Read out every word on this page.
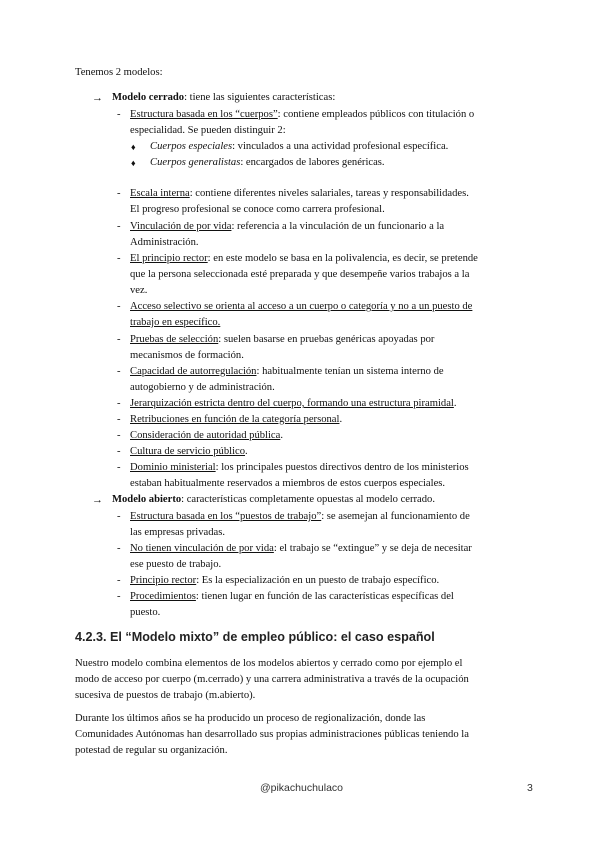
Tenemos 2 modelos:
→ Modelo cerrado: tiene las siguientes características:
- Estructura basada en los “cuerpos”: contiene empleados públicos con titulación o
especialidad. Se pueden distinguir 2:
♦ Cuerpos especiales: vinculados a una actividad profesional específica.
♦ Cuerpos generalistas: encargados de labores genéricas.
- Escala interna: contiene diferentes niveles salariales, tareas y responsabilidades.
El progreso profesional se conoce como carrera profesional.
- Vinculación de por vida: referencia a la vinculación de un funcionario a la
Administración.
- El principio rector: en este modelo se basa en la polivalencia, es decir, se pretende
que la persona seleccionada esté preparada y que desempeñe varios trabajos a la
vez.
- Acceso selectivo se orienta al acceso a un cuerpo o categoría y no a un puesto de
trabajo en específico.
- Pruebas de selección: suelen basarse en pruebas genéricas apoyadas por
mecanismos de formación.
- Capacidad de autorregulación: habitualmente tenían un sistema interno de
autogobierno y de administración.
- Jerarquización estricta dentro del cuerpo, formando una estructura piramidal.
- Retribuciones en función de la categoría personal.
- Consideración de autoridad pública.
- Cultura de servicio público.
- Dominio ministerial: los principales puestos directivos dentro de los ministerios
estaban habitualmente reservados a miembros de estos cuerpos especiales.
→ Modelo abierto: características completamente opuestas al modelo cerrado.
- Estructura basada en los “puestos de trabajo”: se asemejan al funcionamiento de
las empresas privadas.
- No tienen vinculación de por vida: el trabajo se “extingue” y se deja de necesitar
ese puesto de trabajo.
- Principio rector: Es la especialización en un puesto de trabajo específico.
- Procedimientos: tienen lugar en función de las características específicas del
puesto.
4.2.3. El “Modelo mixto” de empleo público: el caso español
Nuestro modelo combina elementos de los modelos abiertos y cerrado como por ejemplo el
modo de acceso por cuerpo (m.cerrado) y una carrera administrativa a través de la ocupación
sucesiva de puestos de trabajo (m.abierto).
Durante los últimos años se ha producido un proceso de regionalización, donde las
Comunidades Autónomas han desarrollado sus propias administraciones públicas teniendo la
potestad de regular su organización.
@pikachuchulaco	3
